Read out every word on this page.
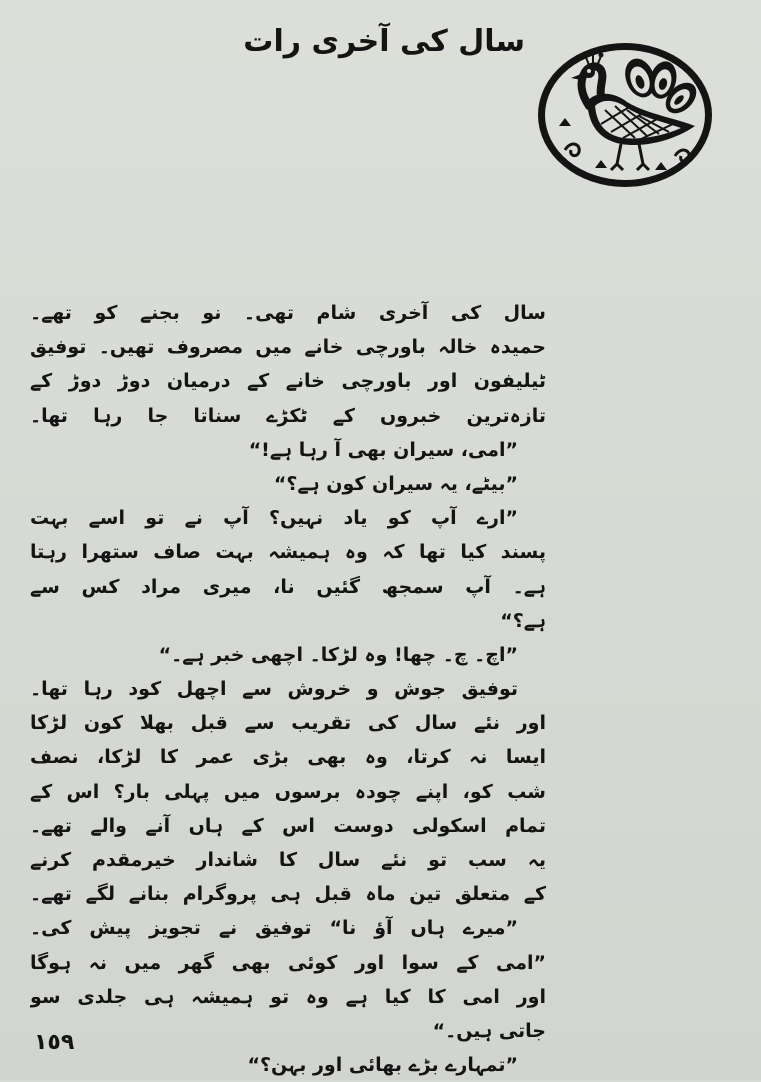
سال کی آخری رات
سال کی آخری شام تھی۔ نو بجنے کو تھے۔
حمیدہ خالہ باورچی خانے میں مصروف تھیں۔ توفیق
ٹیلیفون اور باورچی خانے کے درمیان دوڑ دوڑ کے
تازہ‌ترین خبروں کے ٹکڑے سناتا جا رہا تھا۔
”امی، سیران بھی آ رہا ہے!“
”بیٹے، یہ سیران کون ہے؟“
”ارے آپ کو یاد نہیں؟ آپ نے تو اسے بہت
پسند کیا تھا کہ وہ ہمیشہ بہت صاف ستھرا رہتا
ہے۔ آپ سمجھ گئیں نا، میری مراد کس سے
ہے؟“
”اچ۔ چ۔ چھا! وہ لڑکا۔ اچھی خبر ہے۔“
توفیق جوش و خروش سے اچھل کود رہا تھا۔
اور نئے سال کی تقریب سے قبل بھلا کون لڑکا
ایسا نہ کرتا، وہ بھی بڑی عمر کا لڑکا، نصف
شب کو، اپنے چودہ برسوں میں پہلی بار؟ اس کے
تمام اسکولی دوست اس کے ہاں آنے والے تھے۔
یہ سب تو نئے سال کا شاندار خیرمقدم کرنے
کے متعلق تین ماہ قبل ہی پروگرام بنانے لگے تھے۔
”میرے ہاں آؤ نا“ توفیق نے تجویز پیش کی۔
”امی کے سوا اور کوئی بھی گھر میں نہ ہوگا
اور امی کا کیا ہے وہ تو ہمیشہ ہی جلدی سو
جاتی ہیں۔“
”تمہارے بڑے بھائی اور بہن؟“
١٥٩
